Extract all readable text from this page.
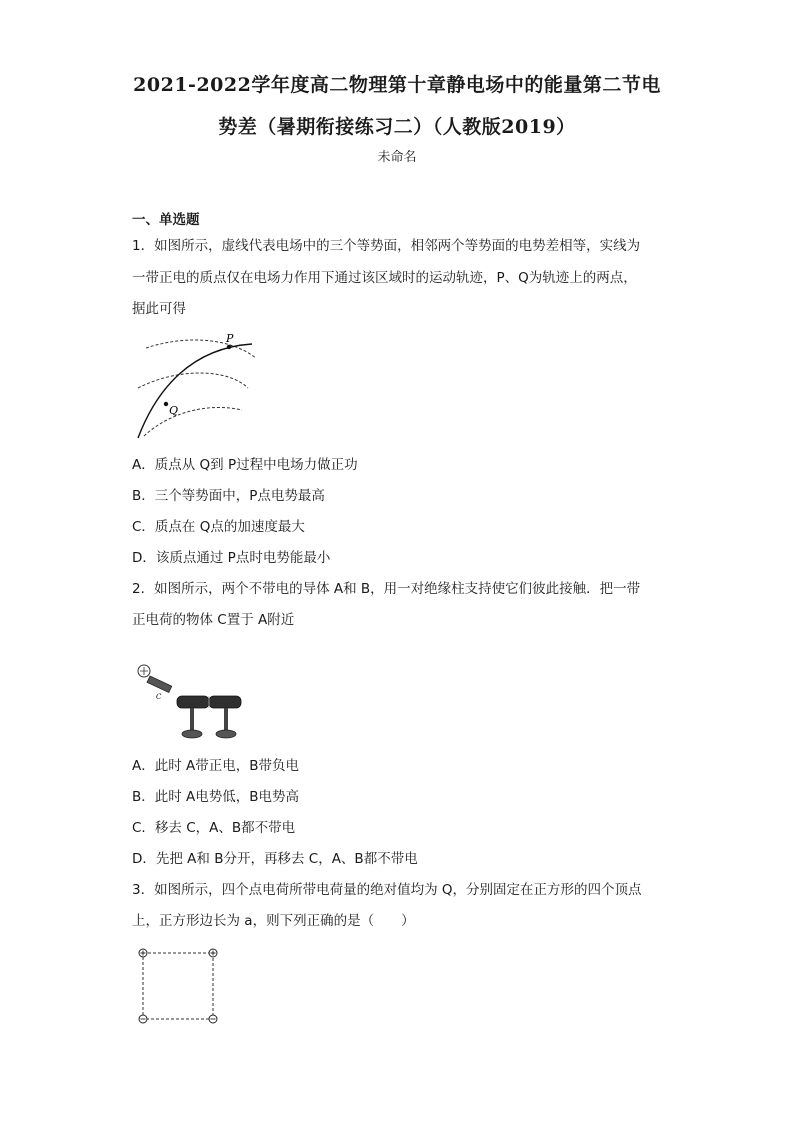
2021-2022学年度高二物理第十章静电场中的能量第二节电
势差（暑期衔接练习二）（人教版2019）
未命名
一、单选题
1．如图所示，虚线代表电场中的三个等势面，相邻两个等势面的电势差相等，实线为
一带正电的质点仅在电场力作用下通过该区域时的运动轨迹，P、Q为轨迹上的两点，
据此可得
P
Q
A．质点从 Q到 P过程中电场力做正功
B．三个等势面中，P点电势最高
C．质点在 Q点的加速度最大
D．该质点通过 P点时电势能最小
2．如图所示，两个不带电的导体 A和 B，用一对绝缘柱支持使它们彼此接触．把一带
正电荷的物体 C置于 A附近
C
A．此时 A带正电，B带负电
B．此时 A电势低，B电势高
C．移去 C，A、B都不带电
D．先把 A和 B分开，再移去 C，A、B都不带电
3．如图所示，四个点电荷所带电荷量的绝对值均为 Q，分别固定在正方形的四个顶点
上，正方形边长为 a，则下列正确的是（　　）
